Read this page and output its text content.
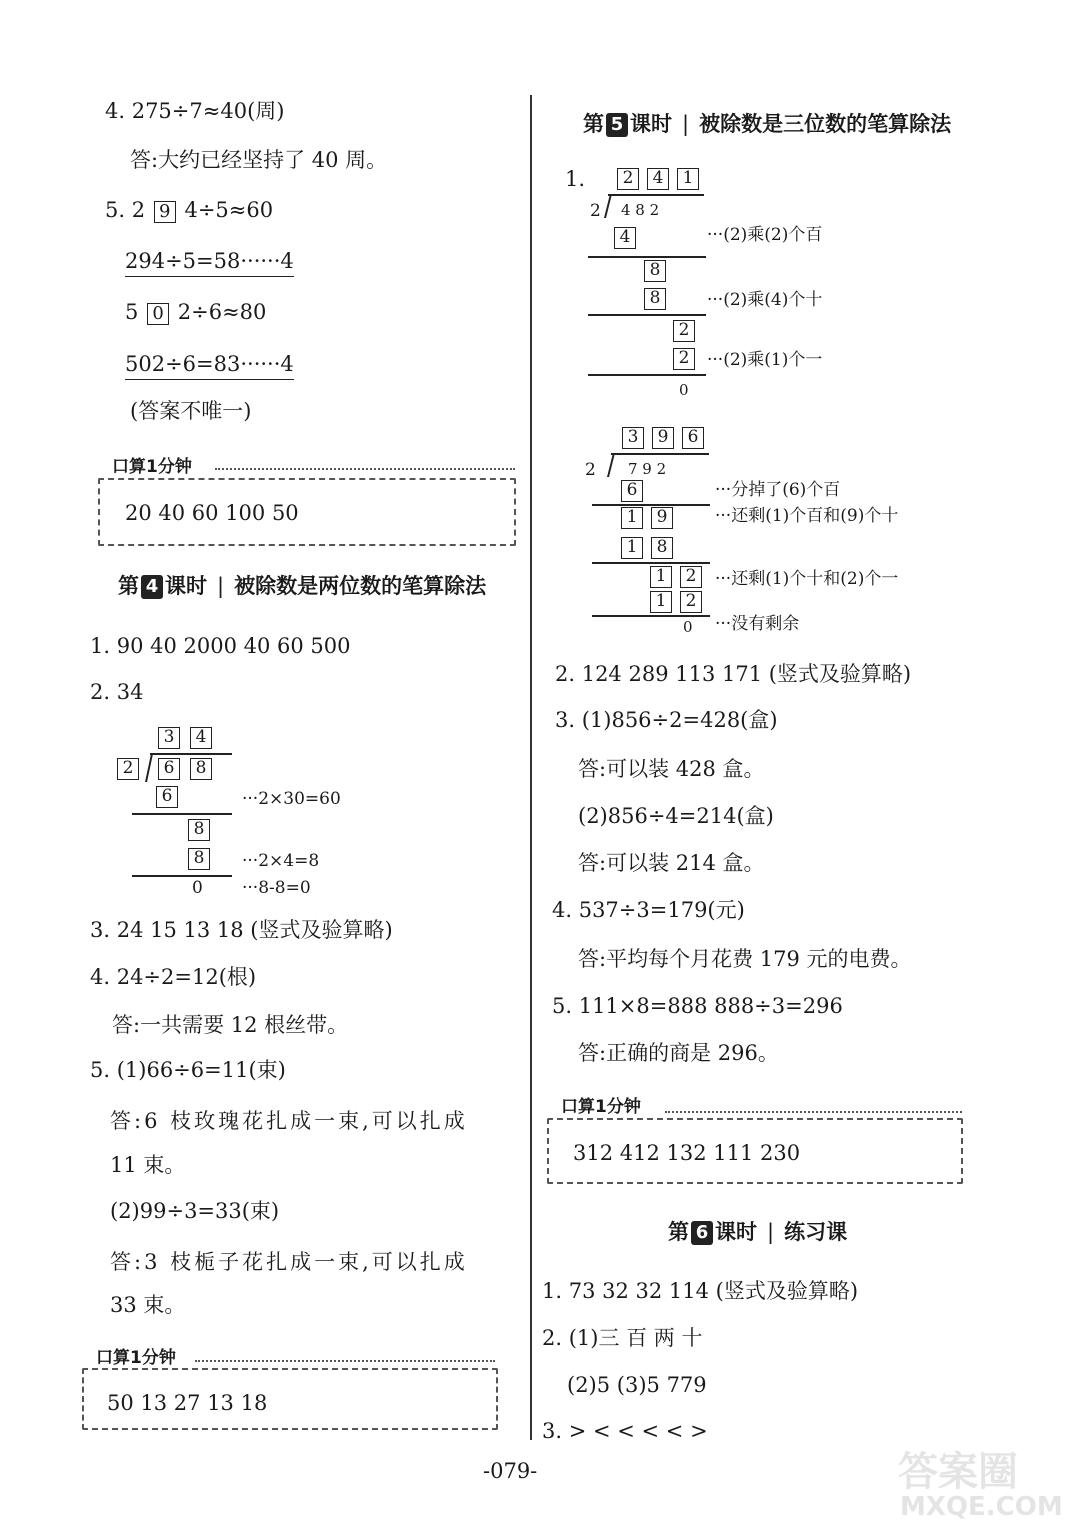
4. 275÷7≈40(周)
答:大约已经坚持了 40 周。
5. 2 9 4÷5≈60
294÷5=58······4
5 0 2÷6≈80
502÷6=83······4
(答案不唯一)
口算1分钟
20 40 60 100 50
第 4 课时 | 被除数是两位数的笔算除法
1. 90 40 2000 40 60 500
2. 34
3	4
2	6	8
6	···2×30=60
8
8	···2×4=8
0 ···8-8=0
3. 24 15 13 18 (竖式及验算略)
4. 24÷2=12(根)
答:一共需要 12 根丝带。
5. (1)66÷6=11(束)
答:6 枝玫瑰花扎成一束,可以扎成
11 束。
(2)99÷3=33(束)
答:3 枝栀子花扎成一束,可以扎成
33 束。
口算1分钟
50 13 27 13 18
第 5 课时 | 被除数是三位数的笔算除法
1.	2	4	1
2 4 8 2
4	···(2)乘(2)个百
8
8	···(2)乘(4)个十
2
2	···(2)乘(1)个一
0
3	9	6
2 7 9 2
6	···分掉了(6)个百
1	9	···还剩(1)个百和(9)个十
1	8
1	2	···还剩(1)个十和(2)个一
1	2
0 ···没有剩余
2. 124 289 113 171 (竖式及验算略)
3. (1)856÷2=428(盒)
答:可以装 428 盒。
(2)856÷4=214(盒)
答:可以装 214 盒。
4. 537÷3=179(元)
答:平均每个月花费 179 元的电费。
5. 111×8=888 888÷3=296
答:正确的商是 296。
口算1分钟
312 412 132 111 230
第 6 课时 | 练习课
1. 73 32 32 114 (竖式及验算略)
2. (1)三 百 两 十
(2)5 (3)5 779
3. > < < < < >
-079-	答案圈
MXQE.COM
